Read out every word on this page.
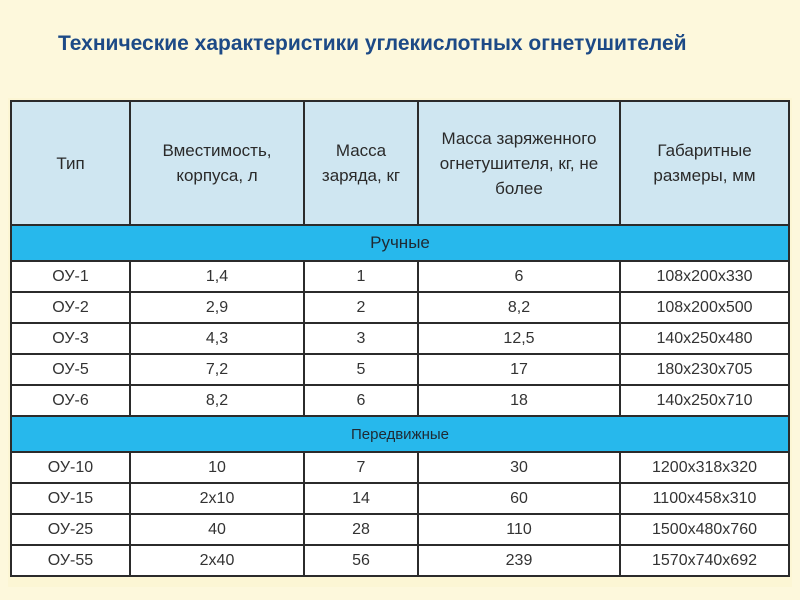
Технические характеристики углекислотных огнетушителей
Тип	Вместимость, корпуса, л	Масса заряда, кг	Масса заряженного огнетушителя, кг, не более	Габаритные размеры, мм
Ручные				
ОУ-1	1,4	1	6	108x200x330
ОУ-2	2,9	2	8,2	108x200x500
ОУ-3	4,3	3	12,5	140x250x480
ОУ-5	7,2	5	17	180x230x705
ОУ-6	8,2	6	18	140x250x710
Передвижные				
ОУ-10	10	7	30	1200x318x320
ОУ-15	2x10	14	60	1100x458x310
ОУ-25	40	28	110	1500x480x760
ОУ-55	2x40	56	239	1570x740x692
